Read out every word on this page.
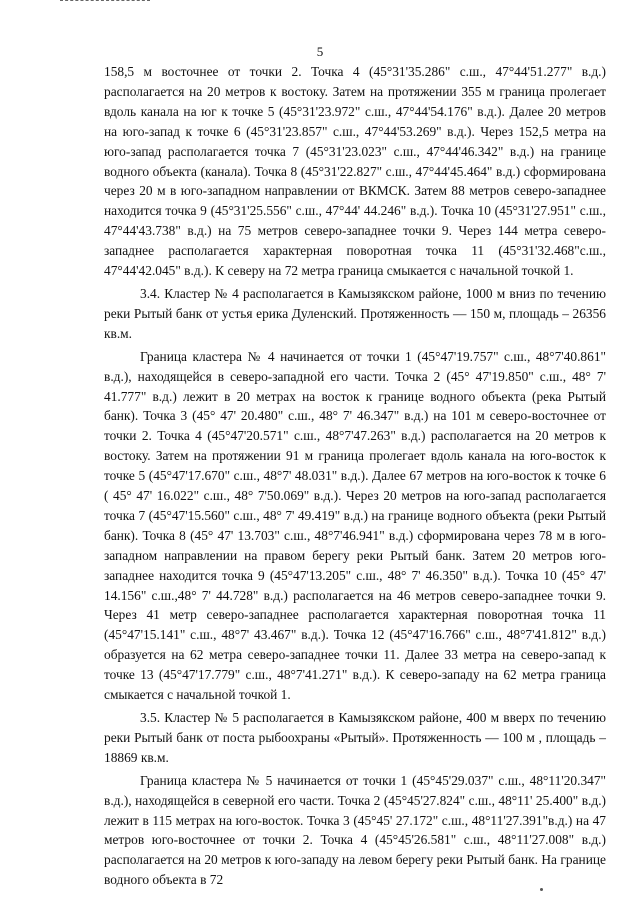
5

158,5 м восточнее от точки 2. Точка 4 (45°31'35.286" с.ш., 47°44'51.277" в.д.) располагается на 20 метров к востоку. Затем на протяжении 355 м граница пролегает вдоль канала на юг к точке 5 (45°31'23.972" с.ш., 47°44'54.176" в.д.). Далее 20 метров на юго-запад к точке 6 (45°31'23.857" с.ш., 47°44'53.269" в.д.). Через 152,5 метра на юго-запад располагается точка 7 (45°31'23.023" с.ш., 47°44'46.342" в.д.) на границе водного объекта (канала). Точка 8 (45°31'22.827" с.ш., 47°44'45.464" в.д.) сформирована через 20 м в юго-западном направлении от ВКМСК. Затем 88 метров северо-западнее находится точка 9 (45°31'25.556" с.ш., 47°44' 44.246" в.д.). Точка 10 (45°31'27.951" с.ш., 47°44'43.738" в.д.) на 75 метров северо-западнее точки 9. Через 144 метра северо-западнее располагается характерная поворотная точка 11 (45°31'32.468"с.ш., 47°44'42.045" в.д.). К северу на 72 метра граница смыкается с начальной точкой 1.

3.4. Кластер № 4 располагается в Камызякском районе, 1000 м вниз по течению реки Рытый банк от устья ерика Дуленский. Протяженность — 150 м, площадь – 26356 кв.м.

Граница кластера № 4 начинается от точки 1 (45°47'19.757" с.ш., 48°7'40.861" в.д.), находящейся в северо-западной его части. Точка 2 (45° 47'19.850" с.ш., 48° 7' 41.777" в.д.) лежит в 20 метрах на восток к границе водного объекта (река Рытый банк). Точка 3 (45° 47' 20.480" с.ш., 48° 7' 46.347" в.д.) на 101 м северо-восточнее от точки 2. Точка 4 (45°47'20.571" с.ш., 48°7'47.263" в.д.) располагается на 20 метров к востоку. Затем на протяжении 91 м граница пролегает вдоль канала на юго-восток к точке 5 (45°47'17.670" с.ш., 48°7' 48.031" в.д.). Далее 67 метров на юго-восток к точке 6 ( 45° 47' 16.022" с.ш., 48° 7'50.069" в.д.). Через 20 метров на юго-запад располагается точка 7 (45°47'15.560" с.ш., 48° 7' 49.419" в.д.) на границе водного объекта (реки Рытый банк). Точка 8 (45° 47' 13.703" с.ш., 48°7'46.941" в.д.) сформирована через 78 м в юго-западном направлении на правом берегу реки Рытый банк. Затем 20 метров юго-западнее находится точка 9 (45°47'13.205" с.ш., 48° 7' 46.350" в.д.). Точка 10 (45° 47' 14.156" с.ш.,48° 7' 44.728" в.д.) располагается на 46 метров северо-западнее точки 9. Через 41 метр северо-западнее располагается характерная поворотная точка 11 (45°47'15.141" с.ш., 48°7' 43.467" в.д.). Точка 12 (45°47'16.766" с.ш., 48°7'41.812" в.д.) образуется на 62 метра северо-западнее точки 11. Далее 33 метра на северо-запад к точке 13 (45°47'17.779" с.ш., 48°7'41.271" в.д.). К северо-западу на 62 метра граница смыкается с начальной точкой 1.

3.5. Кластер № 5 располагается в Камызякском районе, 400 м вверх по течению реки Рытый банк от поста рыбоохраны «Рытый». Протяженность — 100 м , площадь – 18869 кв.м.

Граница кластера № 5 начинается от точки 1 (45°45'29.037" с.ш., 48°11'20.347" в.д.), находящейся в северной его части. Точка 2 (45°45'27.824" с.ш., 48°11' 25.400" в.д.) лежит в 115 метрах на юго-восток. Точка 3 (45°45' 27.172" с.ш., 48°11'27.391"в.д.) на 47 метров юго-восточнее от точки 2. Точка 4 (45°45'26.581" с.ш., 48°11'27.008" в.д.) располагается на 20 метров к юго-западу на левом берегу реки Рытый банк. На границе водного объекта в 72
